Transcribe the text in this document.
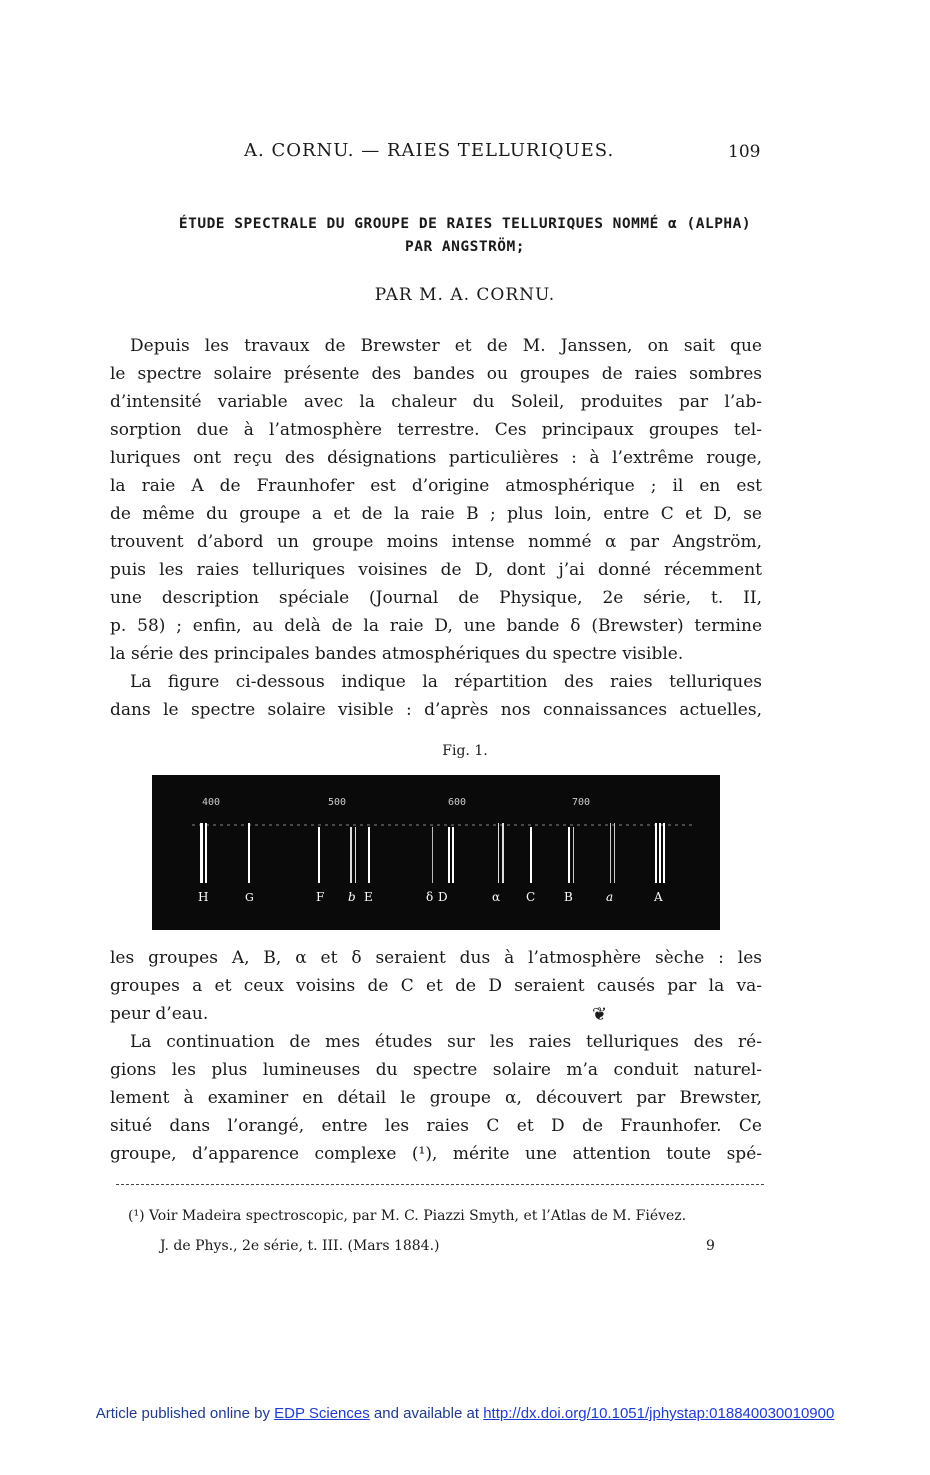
A. CORNU. — RAIES TELLURIQUES.	109
ÉTUDE SPECTRALE DU GROUPE DE RAIES TELLURIQUES NOMMÉ α (ALPHA)
PAR ANGSTRÖM;
PAR M. A. CORNU.
Depuis les travaux de Brewster et de M. Janssen, on sait que
le spectre solaire présente des bandes ou groupes de raies sombres
d’intensité variable avec la chaleur du Soleil, produites par l’ab-
sorption due à l’atmosphère terrestre. Ces principaux groupes tel-
luriques ont reçu des désignations particulières : à l’extrême rouge,
la raie A de Fraunhofer est d’origine atmosphérique ; il en est
de même du groupe a et de la raie B ; plus loin, entre C et D, se
trouvent d’abord un groupe moins intense nommé α par Angström,
puis les raies telluriques voisines de D, dont j’ai donné récemment
une description spéciale (Journal de Physique, 2e série, t. II,
p. 58) ; enfin, au delà de la raie D, une bande δ (Brewster) termine
la série des principales bandes atmosphériques du spectre visible.
La figure ci-dessous indique la répartition des raies telluriques
dans le spectre solaire visible : d’après nos connaissances actuelles,
Fig. 1.
400	500	600	700
H	G	F b E	δ D	α C B	a	A
les groupes A, B, α et δ seraient dus à l’atmosphère sèche : les
groupes a et ceux voisins de C et de D seraient causés par la va-
peur d’eau.	❦
La continuation de mes études sur les raies telluriques des ré-
gions les plus lumineuses du spectre solaire m’a conduit naturel-
lement à examiner en détail le groupe α, découvert par Brewster,
situé dans l’orangé, entre les raies C et D de Fraunhofer. Ce
groupe, d’apparence complexe (¹), mérite une attention toute spé-
(¹) Voir Madeira spectroscopic, par M. C. Piazzi Smyth, et l’Atlas de M. Fiévez.
J. de Phys., 2e série, t. III. (Mars 1884.)	9
Article published online by EDP Sciences and available at http://dx.doi.org/10.1051/jphystap:018840030010900
